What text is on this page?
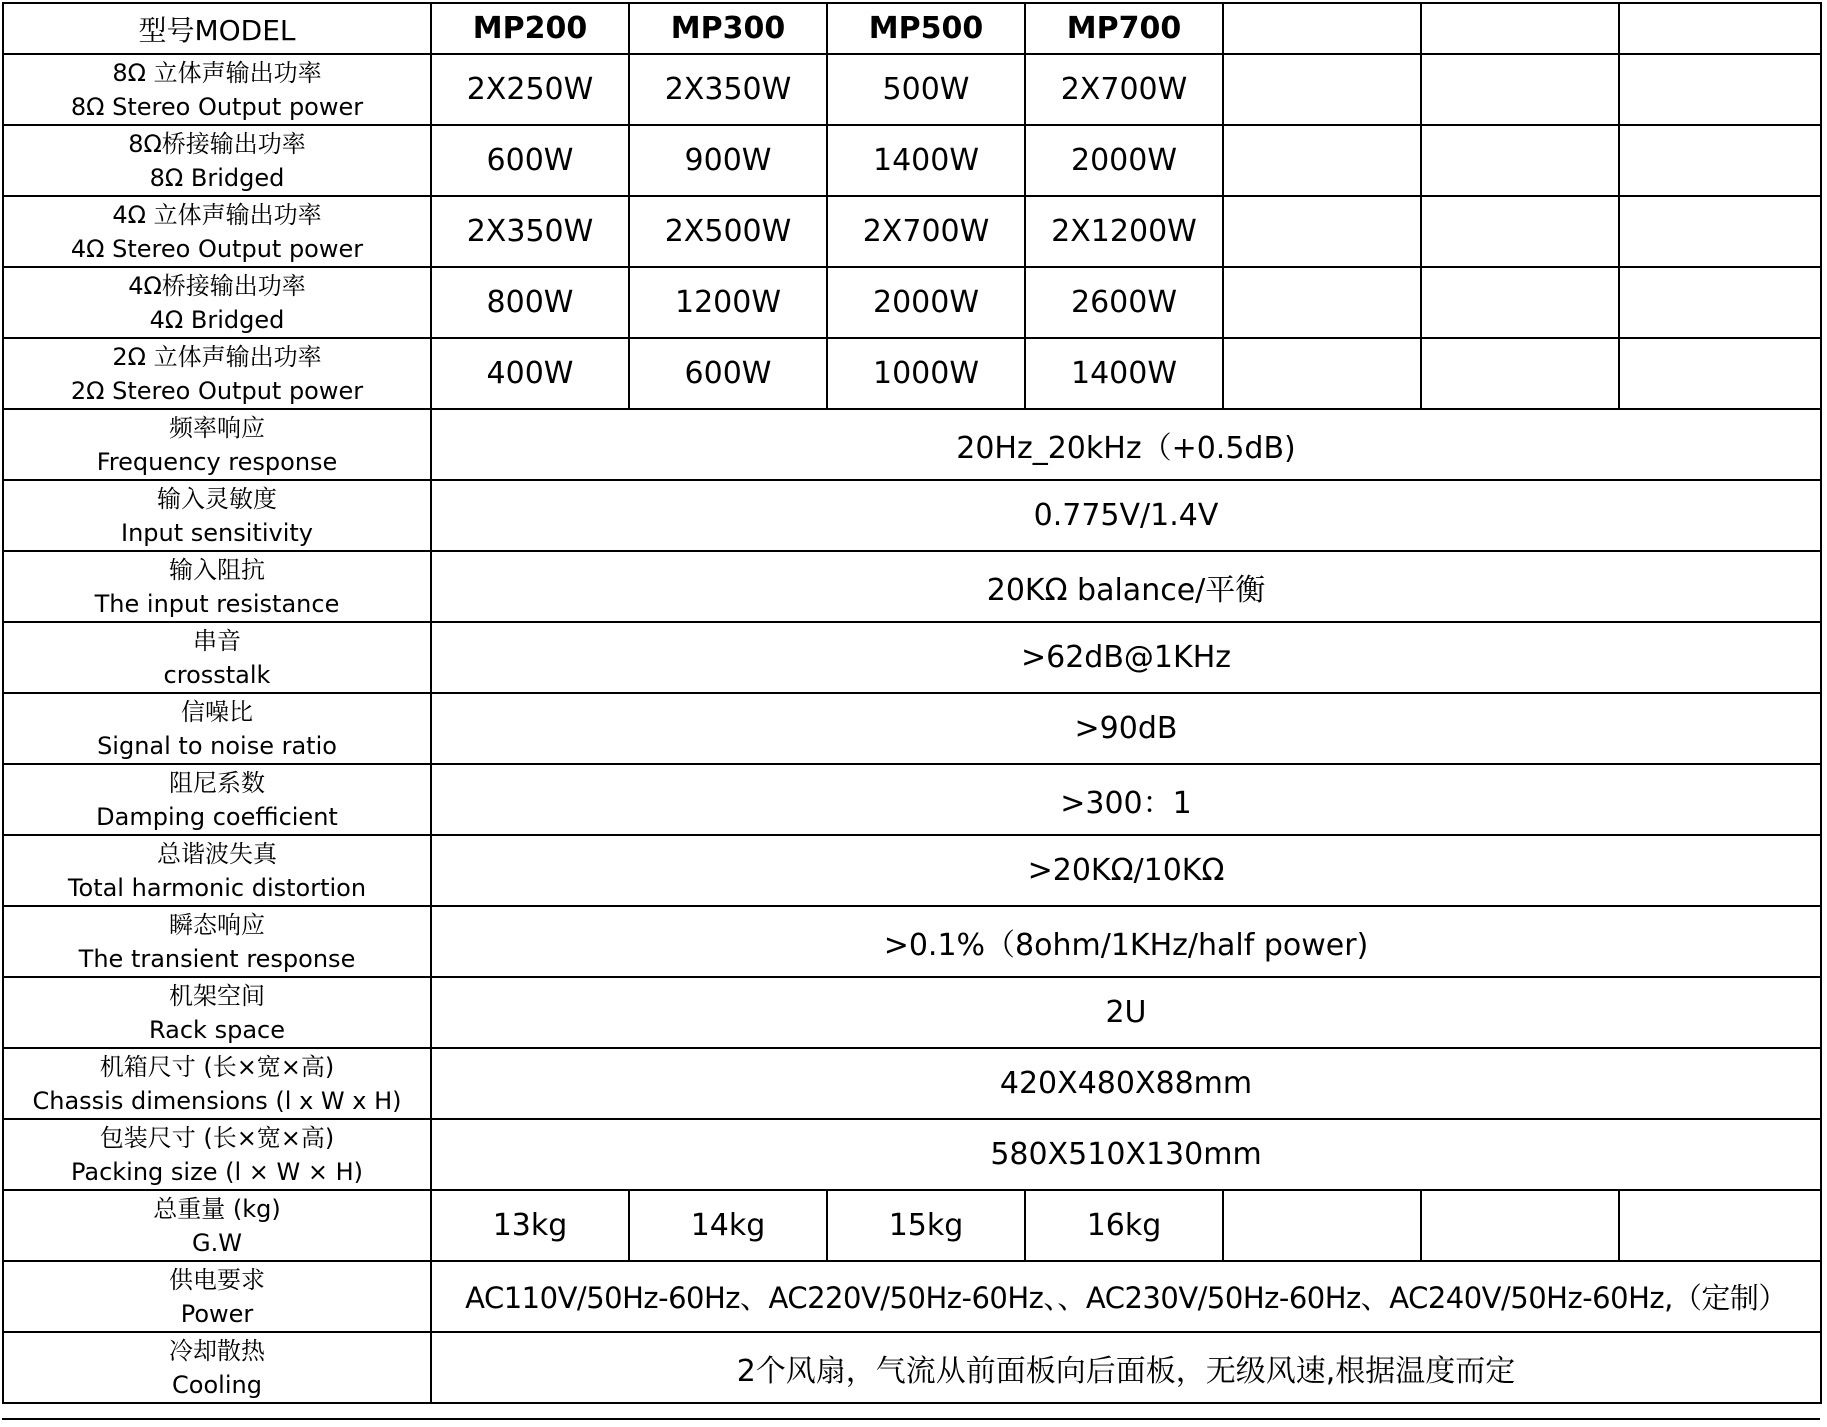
型号MODEL	MP200	MP300	MP500	MP700			

8Ω 立体声输出功率
8Ω Stereo Output power	2X250W	2X350W	500W	2X700W			

8Ω桥接输出功率
8Ω Bridged	600W	900W	1400W	2000W			

4Ω 立体声输出功率
4Ω Stereo Output power	2X350W	2X500W	2X700W	2X1200W			

4Ω桥接输出功率
4Ω Bridged	800W	1200W	2000W	2600W			

2Ω 立体声输出功率
2Ω Stereo Output power	400W	600W	1000W	1400W			

频率响应
Frequency response	20Hz_20kHz（+0.5dB)						

输入灵敏度
Input sensitivity	0.775V/1.4V						

输入阻抗
The input resistance	20KΩ balance/平衡						

串音
crosstalk	>62dB@1KHz						

信噪比
Signal to noise ratio	>90dB						

阻尼系数
Damping coefficient	>300：1						

总谐波失真
Total harmonic distortion	>20KΩ/10KΩ						

瞬态响应
The transient response	>0.1%（8ohm/1KHz/half power)						

机架空间
Rack space	2U						

机箱尺寸 (长×宽×高)
Chassis dimensions (l x W x H)	420X480X88mm						

包装尺寸 (长×宽×高)
Packing size (l × W × H)	580X510X130mm						

总重量 (kg)
G.W	13kg	14kg	15kg	16kg			

供电要求
Power	AC110V/50Hz-60Hz、AC220V/50Hz-60Hz、、AC230V/50Hz-60Hz、AC240V/50Hz-60Hz,（定制）						

冷却散热
Cooling	2个风扇，气流从前面板向后面板，无级风速,根据温度而定						
